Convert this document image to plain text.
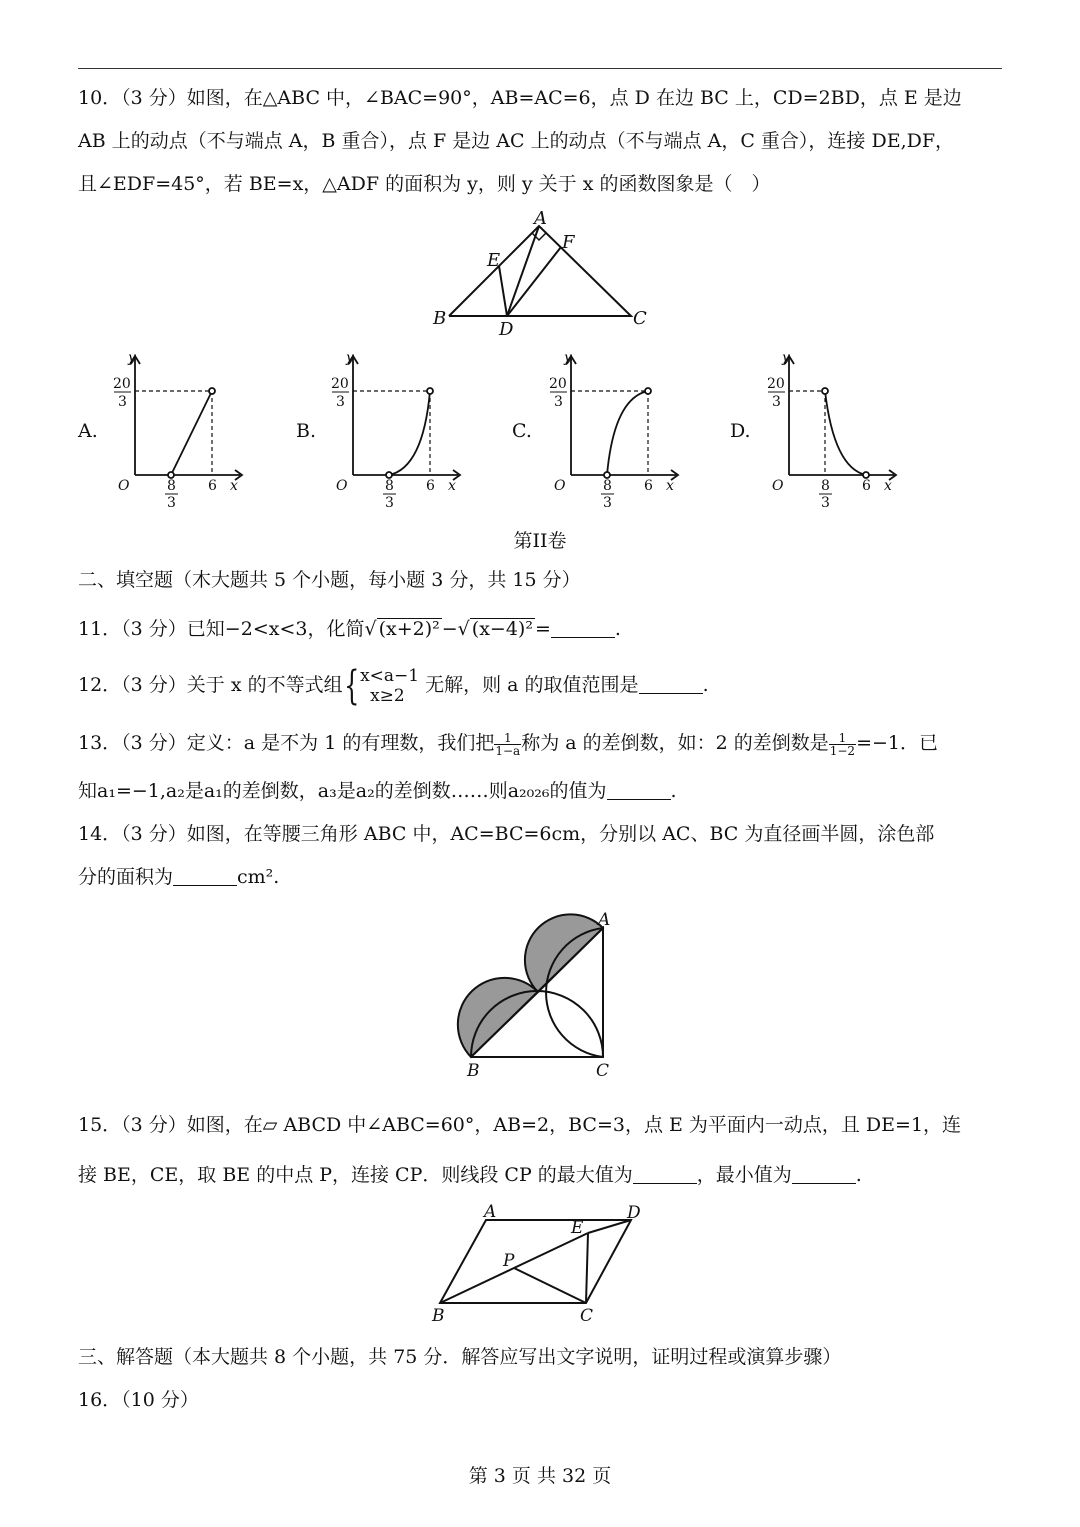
10．（3 分）如图，在△ABC 中，∠BAC=90°，AB=AC=6，点 D 在边 BC 上，CD=2BD，点 E 是边
AB 上的动点（不与端点 A，B 重合），点 F 是边 AC 上的动点（不与端点 A，C 重合），连接 DE,DF，
且∠EDF=45°，若 BE=x，△ADF 的面积为 y，则 y 关于 x 的函数图象是（　）
A
B	C
D
E
F
A.	B.	C.	D.
y
20
3
O	8
3
6 x
y
20
3
O	8
3
6 x
y
20
3
O	8
3
6 x
y
20
3
O	8
3
6 x
第II卷
二、填空题（木大题共 5 个小题，每小题 3 分，共 15 分）
11．（3 分）已知−2<x<3，化简√ (x+2)² −√ (x−4)² =	.
12．（3 分）关于 x 的不等式组{ x<a−1
x≥2	无解，则 a 的取值范围是	.
13．（3 分）定义：a 是不为 1 的有理数，我们把 $\frac{1}{1-a}$ 称为 a 的差倒数，如：2 的差倒数是 $\frac{1}{1-2} =-1$．已
知a₁=−1,a₂是a₁的差倒数，a₃是a₂的差倒数……则a₂₀₂₆的值为	.
14．（3 分）如图，在等腰三角形 ABC 中，AC=BC=6cm，分别以 AC、BC 为直径画半圆，涂色部
分的面积为	cm².
A
B	C
15．（3 分）如图，在▱ ABCD 中∠ABC=60°，AB=2，BC=3，点 E 为平面内一动点，且 DE=1，连
接 BE，CE，取 BE 的中点 P，连接 CP．则线段 CP 的最大值为	，最小值为	.
A	D
B	C
E
P
三、解答题（本大题共 8 个小题，共 75 分．解答应写出文字说明，证明过程或演算步骤）
16．（10 分）
第 3 页 共 32 页
